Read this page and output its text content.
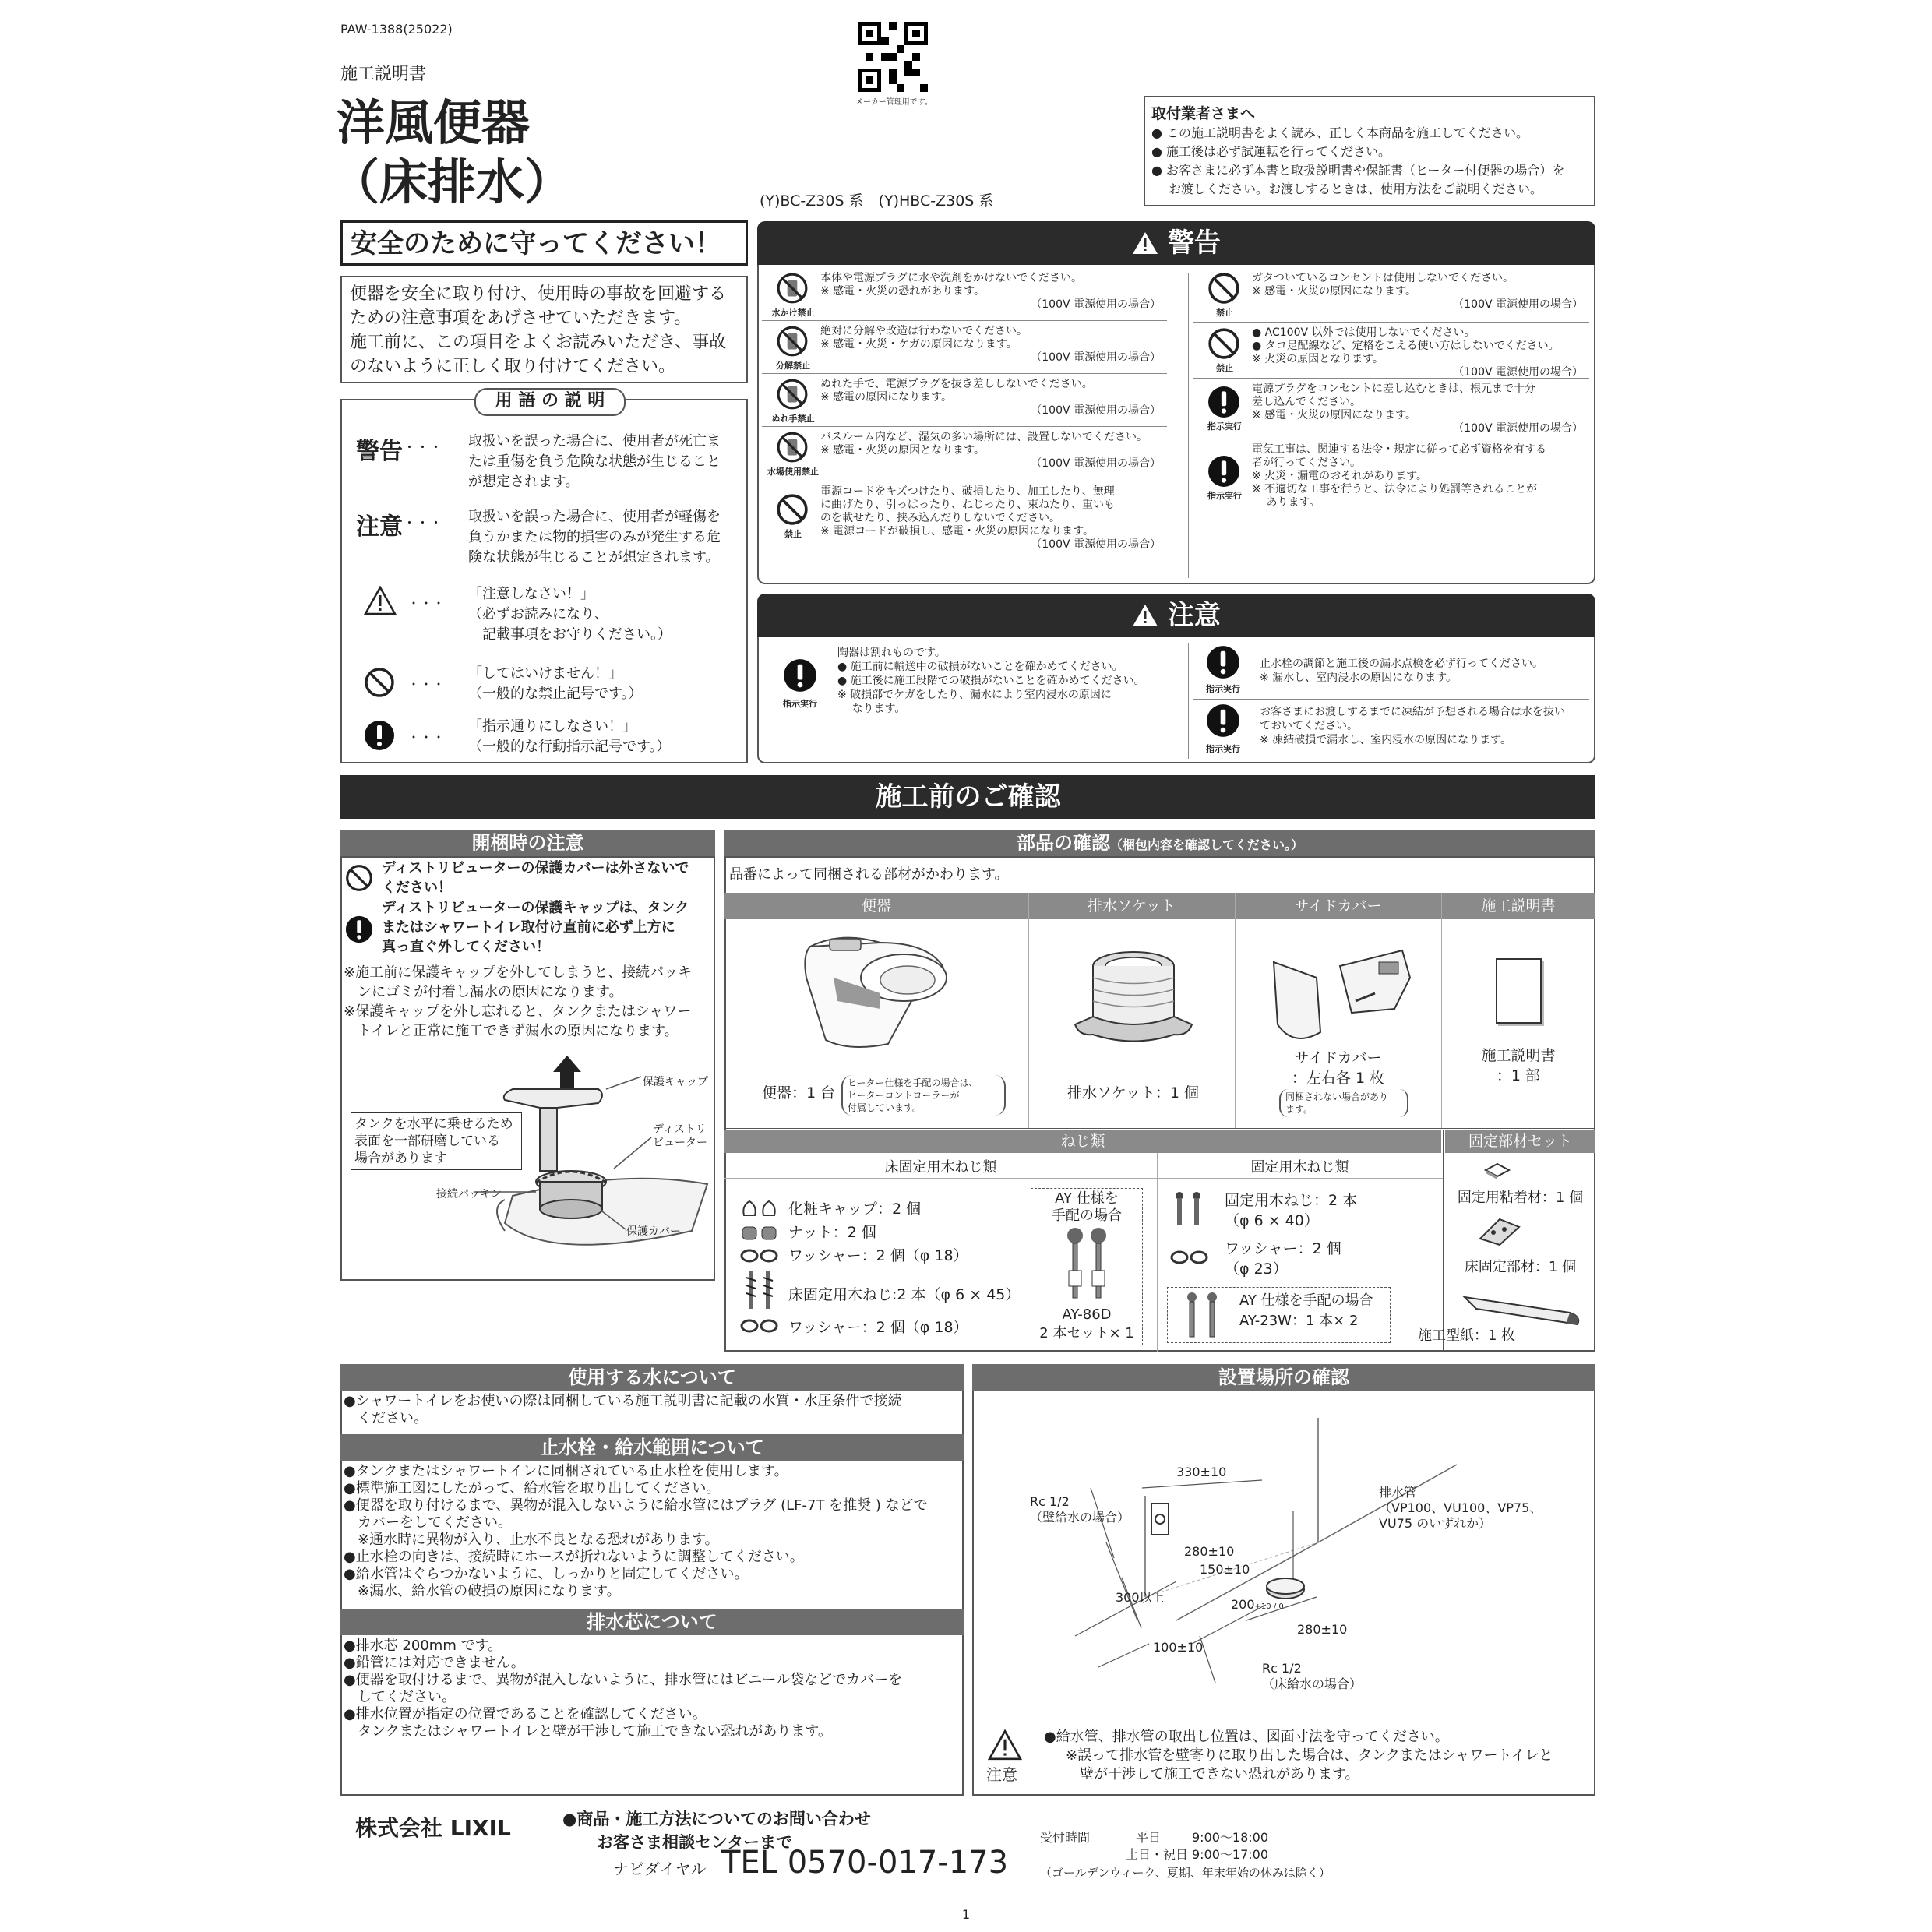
PAW-1388(25022)
施工説明書
洋風便器
（床排水）	(Y)BC-Z30S 系　(Y)HBC-Z30S 系
メーカー管理用です。
取付業者さまへ
● この施工説明書をよく読み、正しく本商品を施工してください。
● 施工後は必ず試運転を行ってください。
● お客さまに必ず本書と取扱説明書や保証書（ヒーター付便器の場合）を
お渡しください。お渡しするときは、使用方法をご説明ください。
安全のために守ってください！
便器を安全に取り付け、使用時の事故を回避する
ための注意事項をあげさせていただきます。
施工前に、この項目をよくお読みいただき、事故
のないように正しく取り付けてください。
用 語 の 説 明
警告 ・・・ 取扱いを誤った場合に、使用者が死亡ま
たは重傷を負う危険な状態が生じること
が想定されます。
注意 ・・・ 取扱いを誤った場合に、使用者が軽傷を
負うかまたは物的損害のみが発生する危
険な状態が生じることが想定されます。
・・・
「注意しなさい！」
（必ずお読みになり、
　記載事項をお守りください。）
・・・
「してはいけません！」
（一般的な禁止記号です。）
・・・
「指示通りにしなさい！」
（一般的な行動指示記号です。）
警告
水かけ禁止
本体や電源プラグに水や洗剤をかけないでください。
※ 感電・火災の恐れがあります。
（100V 電源使用の場合）
分解禁止
絶対に分解や改造は行わないでください。
※ 感電・火災・ケガの原因になります。
（100V 電源使用の場合）
ぬれ手禁止
ぬれた手で、電源プラグを抜き差ししないでください。
※ 感電の原因になります。
（100V 電源使用の場合）
水場使用禁止
バスルーム内など、湿気の多い場所には、設置しないでください。
※ 感電・火災の原因となります。
（100V 電源使用の場合）
禁止
電源コードをキズつけたり、破損したり、加工したり、無理
に曲げたり、引っぱったり、ねじったり、束ねたり、重いも
のを載せたり、挟み込んだりしないでください。
※ 電源コードが破損し、感電・火災の原因になります。
（100V 電源使用の場合）
禁止
ガタついているコンセントは使用しないでください。
※ 感電・火災の原因になります。
（100V 電源使用の場合）
禁止
● AC100V 以外では使用しないでください。
● タコ足配線など、定格をこえる使い方はしないでください。
※ 火災の原因となります。
（100V 電源使用の場合）
指示実行
電源プラグをコンセントに差し込むときは、根元まで十分
差し込んでください。
※ 感電・火災の原因になります。
（100V 電源使用の場合）
指示実行
電気工事は、関連する法令・規定に従って必ず資格を有する
者が行ってください。
※ 火災・漏電のおそれがあります。
※ 不適切な工事を行うと、法令により処罰等されることが
　 あります。
注意
指示実行
陶器は割れものです。
● 施工前に輸送中の破損がないことを確かめてください。
● 施工後に施工段階での破損がないことを確かめてください。
※ 破損部でケガをしたり、漏水により室内浸水の原因に
　 なります。
指示実行
止水栓の調節と施工後の漏水点検を必ず行ってください。
※ 漏水し、室内浸水の原因になります。
指示実行
お客さまにお渡しするまでに凍結が予想される場合は水を抜い
ておいてください。
※ 凍結破損で漏水し、室内浸水の原因になります。
施工前のご確認
開梱時の注意
ディストリビューターの保護カバーは外さないで
ください！
ディストリビューターの保護キャップは、タンク
またはシャワートイレ取付け直前に必ず上方に
真っ直ぐ外してください！
※施工前に保護キャップを外してしまうと、接続パッキ
　ンにゴミが付着し漏水の原因になります。
※保護キャップを外し忘れると、タンクまたはシャワー
　トイレと正常に施工できず漏水の原因になります。
タンクを水平に乗せるため
表面を一部研磨している
場合があります
保護キャップ
ディストリ
ビューター
接続パッキン
保護カバー
部品の確認（梱包内容を確認してください。）
品番によって同梱される部材がかわります。
便器	排水ソケット	サイドカバー	施工説明書
便器：1 台
ヒーター仕様を手配の場合は、
ヒーターコントローラーが
付属しています。
排水ソケット：1 個
サイドカバー
：左右各 1 枚
同梱されない場合があり
ます。
施工説明書
：1 部
ねじ類	固定部材セット
床固定用木ねじ類	固定用木ねじ類
化粧キャップ：2 個
ナット：2 個
ワッシャー：2 個（φ 18）
床固定用木ねじ:2 本（φ 6 × 45）
ワッシャー：2 個（φ 18）
AY 仕様を
手配の場合
AY-86D
2 本セット× 1
固定用木ねじ：2 本
（φ 6 × 40）
ワッシャー：2 個
（φ 23）
AY 仕様を手配の場合
AY-23W：1 本× 2
固定用粘着材：1 個
床固定部材：1 個
施工型紙：1 枚
使用する水について
●シャワートイレをお使いの際は同梱している施工説明書に記載の水質・水圧条件で接続
　ください。
止水栓・給水範囲について
●タンクまたはシャワートイレに同梱されている止水栓を使用します。
●標準施工図にしたがって、給水管を取り出してください。
●便器を取り付けるまで、異物が混入しないように給水管にはプラグ (LF-7T を推奨 ) などで
　カバーをしてください。
　※通水時に異物が入り、止水不良となる恐れがあります。
●止水栓の向きは、接続時にホースが折れないように調整してください。
●給水管はぐらつかないように、しっかりと固定してください。
　※漏水、給水管の破損の原因になります。
排水芯について
●排水芯 200mm です。
●鉛管には対応できません。
●便器を取付けるまで、異物が混入しないように、排水管にはビニール袋などでカバーを
　してください。
●排水位置が指定の位置であることを確認してください。
　タンクまたはシャワートイレと壁が干渉して施工できない恐れがあります。
設置場所の確認
330±10
Rc 1/2
（壁給水の場合）
排水管
（VP100、VU100、VP75、
VU75 のいずれか）
280±10
150±10
300以上	200+10 / 0
280±10
100±10
Rc 1/2
（床給水の場合）
注意
●給水管、排水管の取出し位置は、図面寸法を守ってください。
※誤って排水管を壁寄りに取り出した場合は、タンクまたはシャワートイレと
　壁が干渉して施工できない恐れがあります。
株式会社 LIXIL	●商品・施工方法についてのお問い合わせ
お客さま相談センターまで
ナビダイヤル TEL 0570-017-173
受付時間	平日	9:00～18:00
土日・祝日 9:00～17:00
（ゴールデンウィーク、夏期、年末年始の休みは除く）
1
